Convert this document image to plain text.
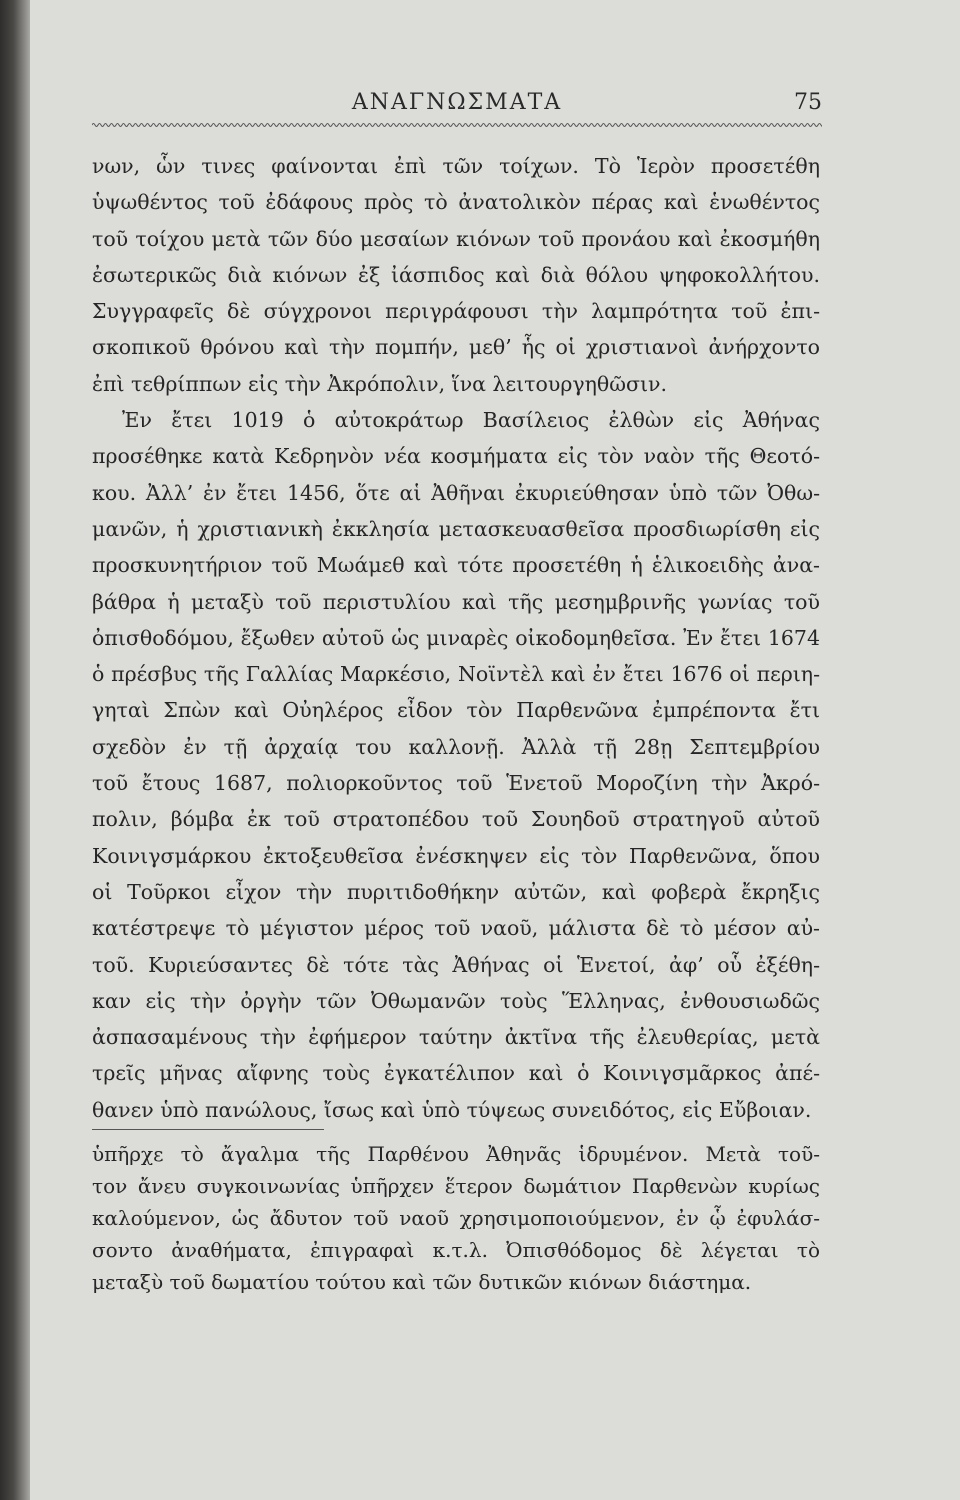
ΑΝΑΓΝΩΣΜΑΤΑ	75
νων, ὧν τινες φαίνονται ἐπὶ τῶν τοίχων. Τὸ Ἱερὸν προσετέθη
ὑψωθέντος τοῦ ἐδάφους πρὸς τὸ ἀνατολικὸν πέρας καὶ ἑνωθέντος
τοῦ τοίχου μετὰ τῶν δύο μεσαίων κιόνων τοῦ προνάου καὶ ἐκοσμήθη
ἐσωτερικῶς διὰ κιόνων ἐξ ἰάσπιδος καὶ διὰ θόλου ψηφοκολλήτου.
Συγγραφεῖς δὲ σύγχρονοι περιγράφουσι τὴν λαμπρότητα τοῦ ἐπι-
σκοπικοῦ θρόνου καὶ τὴν πομπήν, μεθ’ ἧς οἱ χριστιανοὶ ἀνήρχοντο
ἐπὶ τεθρίππων εἰς τὴν Ἀκρόπολιν, ἵνα λειτουργηθῶσιν.
Ἐν ἔτει 1019 ὁ αὐτοκράτωρ Βασίλειος ἐλθὼν εἰς Ἀθήνας
προσέθηκε κατὰ Κεδρηνὸν νέα κοσμήματα εἰς τὸν ναὸν τῆς Θεοτό-
κου. Ἀλλ’ ἐν ἔτει 1456, ὅτε αἱ Ἀθῆναι ἐκυριεύθησαν ὑπὸ τῶν Ὀθω-
μανῶν, ἡ χριστιανικὴ ἐκκλησία μετασκευασθεῖσα προσδιωρίσθη εἰς
προσκυνητήριον τοῦ Μωάμεθ καὶ τότε προσετέθη ἡ ἑλικοειδὴς ἀνα-
βάθρα ἡ μεταξὺ τοῦ περιστυλίου καὶ τῆς μεσημβρινῆς γωνίας τοῦ
ὀπισθοδόμου, ἔξωθεν αὐτοῦ ὡς μιναρὲς οἰκοδομηθεῖσα. Ἐν ἔτει 1674
ὁ πρέσβυς τῆς Γαλλίας Μαρκέσιο, Νοϊντὲλ καὶ ἐν ἔτει 1676 οἱ περιη-
γηταὶ Σπὼν καὶ Οὐηλέρος εἶδον τὸν Παρθενῶνα ἐμπρέποντα ἔτι
σχεδὸν ἐν τῇ ἀρχαίᾳ του καλλονῇ. Ἀλλὰ τῇ 28ῃ Σεπτεμβρίου
τοῦ ἔτους 1687, πολιορκοῦντος τοῦ Ἑνετοῦ Μοροζίνη τὴν Ἀκρό-
πολιν, βόμβα ἐκ τοῦ στρατοπέδου τοῦ Σουηδοῦ στρατηγοῦ αὐτοῦ
Κοινιγσμάρκου ἐκτοξευθεῖσα ἐνέσκηψεν εἰς τὸν Παρθενῶνα, ὅπου
οἱ Τοῦρκοι εἶχον τὴν πυριτιδοθήκην αὐτῶν, καὶ φοβερὰ ἔκρηξις
κατέστρεψε τὸ μέγιστον μέρος τοῦ ναοῦ, μάλιστα δὲ τὸ μέσον αὐ-
τοῦ. Κυριεύσαντες δὲ τότε τὰς Ἀθήνας οἱ Ἑνετοί, ἀφ’ οὗ ἐξέθη-
καν εἰς τὴν ὀργὴν τῶν Ὀθωμανῶν τοὺς Ἕλληνας, ἐνθουσιωδῶς
ἀσπασαμένους τὴν ἐφήμερον ταύτην ἀκτῖνα τῆς ἐλευθερίας, μετὰ
τρεῖς μῆνας αἴφνης τοὺς ἐγκατέλιπον καὶ ὁ Κοινιγσμᾶρκος ἀπέ-
θανεν ὑπὸ πανώλους, ἴσως καὶ ὑπὸ τύψεως συνειδότος, εἰς Εὔβοιαν.
ὑπῆρχε τὸ ἄγαλμα τῆς Παρθένου Ἀθηνᾶς ἱδρυμένον. Μετὰ τοῦ-
τον ἄνευ συγκοινωνίας ὑπῆρχεν ἕτερον δωμάτιον Παρθενὼν κυρίως
καλούμενον, ὡς ἄδυτον τοῦ ναοῦ χρησιμοποιούμενον, ἐν ᾧ ἐφυλάσ-
σοντο ἀναθήματα, ἐπιγραφαὶ κ.τ.λ. Ὀπισθόδομος δὲ λέγεται τὸ
μεταξὺ τοῦ δωματίου τούτου καὶ τῶν δυτικῶν κιόνων διάστημα.
